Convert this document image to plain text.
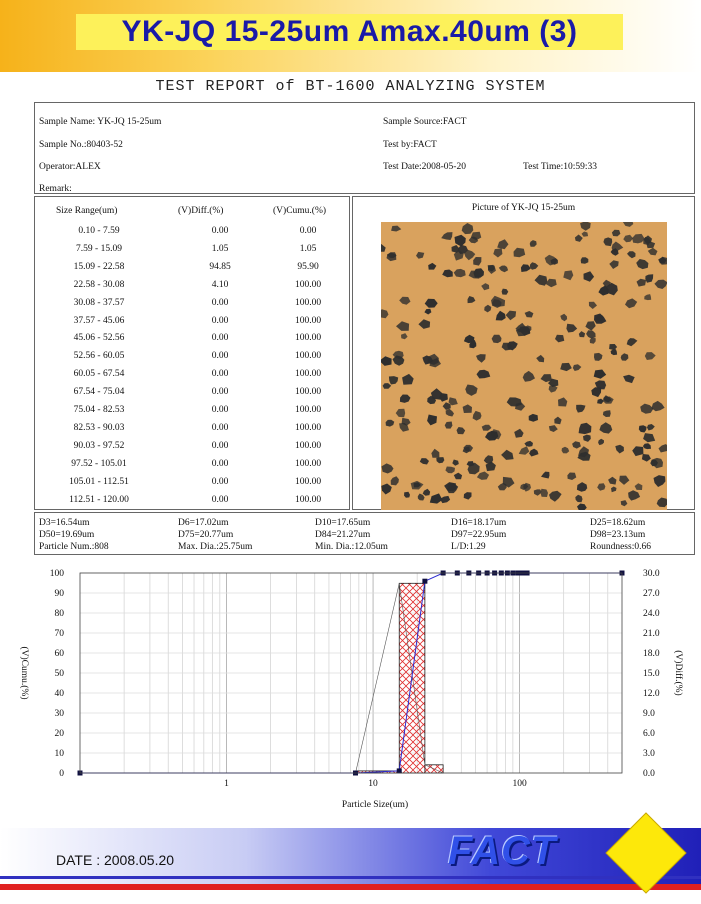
YK-JQ 15-25um Amax.40um (3)
TEST REPORT of BT-1600 ANALYZING SYSTEM
Sample Name: YK-JQ 15-25um	Sample Source:FACT
Sample No.:80403-52	Test by:FACT
Operator:ALEX	Test Date:2008-05-20	Test Time:10:59:33
Remark:
Size Range(um)	(V)Diff.(%)	(V)Cumu.(%)
0.10 - 7.59	0.00	0.00
7.59 - 15.09	1.05	1.05
15.09 - 22.58	94.85	95.90
22.58 - 30.08	4.10	100.00
30.08 - 37.57	0.00	100.00
37.57 - 45.06	0.00	100.00
45.06 - 52.56	0.00	100.00
52.56 - 60.05	0.00	100.00
60.05 - 67.54	0.00	100.00
67.54 - 75.04	0.00	100.00
75.04 - 82.53	0.00	100.00
82.53 - 90.03	0.00	100.00
90.03 - 97.52	0.00	100.00
97.52 - 105.01	0.00	100.00
105.01 - 112.51	0.00	100.00
112.51 - 120.00	0.00	100.00
Picture of YK-JQ 15-25um
D3=16.54um	D6=17.02um	D10=17.65um	D16=18.17um	D25=18.62um
D50=19.69um	D75=20.77um	D84=21.27um	D97=22.95um	D98=23.13um
Particle Num.:808	Max. Dia.:25.75um	Min. Dia.:12.05um	L/D:1.29	Roundness:0.66
0
10
20
30
40
50
60
70
80
90
100
0.0
3.0
6.0
9.0
12.0
15.0
18.0
21.0
24.0
27.0
30.0
1	10	100
Particle Size(um)
(V)Cumu.(%)	(V)Diff.(%)
DATE : 2008.05.20	FACT
